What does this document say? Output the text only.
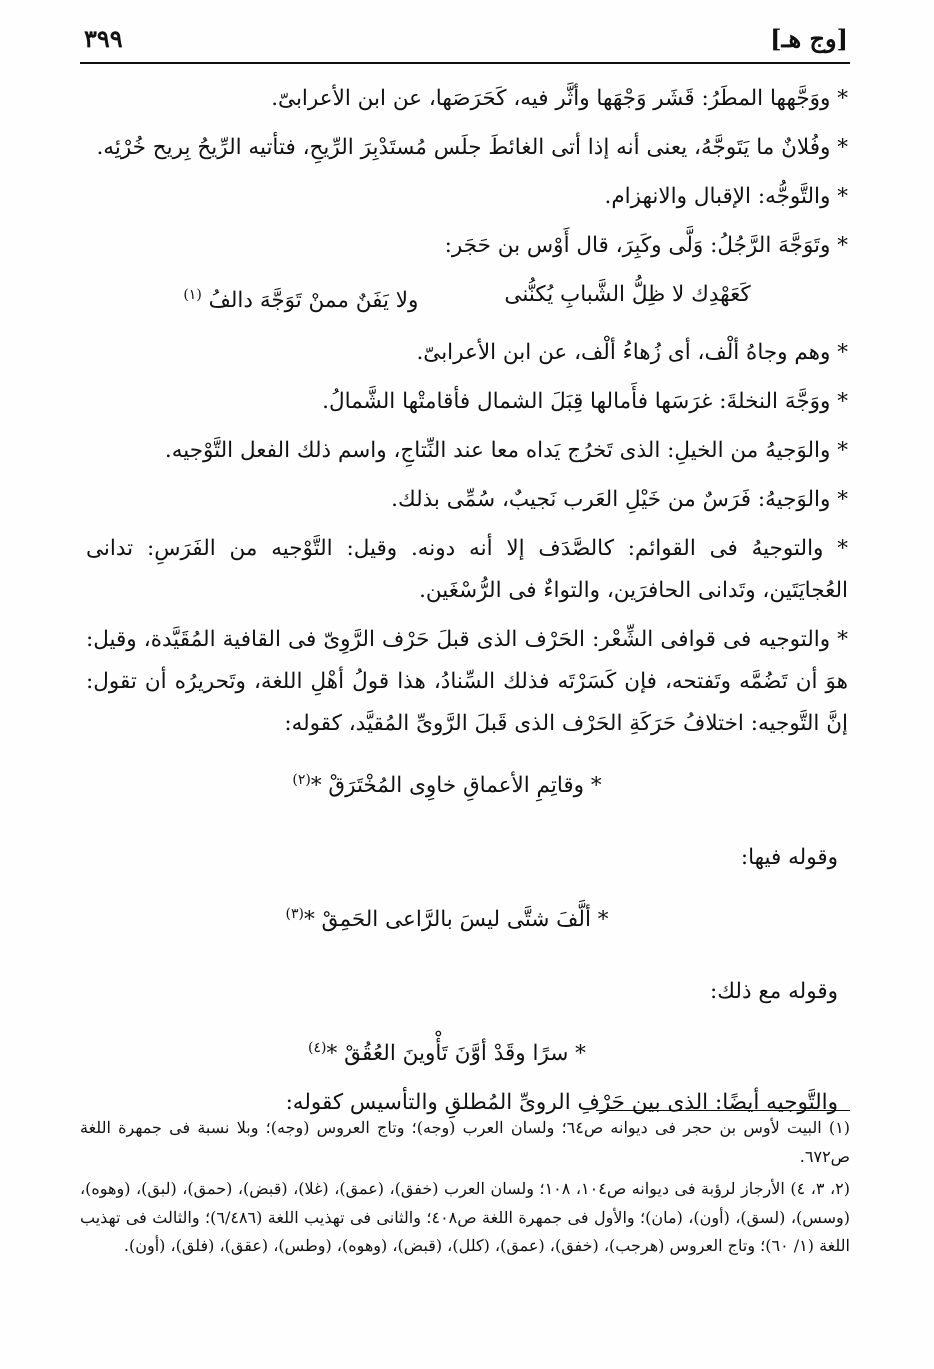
[وج هـ]
٣٩٩

* ووَجَّهها المطَرُ: قَشَر وَجْهَها وأثَّر فيه، كَحَرَصَها، عن ابن الأعرابىّ.

* وفُلانٌ ما يَتَوجَّهُ، يعنى أنه إذا أتى الغائطَ جلَس مُستَدْبِرَ الرِّيحِ، فتأتيه الرِّيحُ بِريح خُرْئِه.

* والتَّوجُّه: الإقبال والانهزام.

* وتَوَجَّهَ الرَّجُلُ: وَلَّى وكَبِرَ، قال أَوْس بن حَجَر:

كَعَهْدِك لا ظِلُّ الشَّبابِ يُكنُّنى
ولا يَفَنٌ ممنْ تَوَجَّهَ دالفُ $^{(١)}$

* وهم وجاهُ ألْف، أى زُهاءُ ألْف، عن ابن الأعرابىّ.

* ووَجَّهَ النخلةَ: غرَسَها فأَمالها قِبَلَ الشمال فأقامتْها الشَّمالُ.

* والوَجيهُ من الخيلِ: الذى تَخرُج يَداه معا عند النِّتاجِ، واسم ذلك الفعل التَّوْجيه.

* والوَجيهُ: فَرَسٌ من خَيْلِ العَرب نَجيبٌ، سُمِّى بذلك.

* والتوجيهُ فى القوائم: كالصَّدَف إلا أنه دونه. وقيل: التَّوْجيه من الفَرَسِ: تدانى العُجايَتَين، وتَدانى الحافرَين، والتواءٌ فى الرُّسْغَين.

* والتوجيه فى قوافى الشِّعْر: الحَرْف الذى قبلَ حَرْف الرَّوِىّ فى القافية المُقَيَّدة، وقيل: هوَ أن تَضُمَّه وتَفتحه، فإن كَسَرْتَه فذلك السِّنادُ، هذا قولُ أهْلِ اللغة، وتَحريرُه أن تقول: إنَّ التَّوجيه: اختلافُ حَرَكَةِ الحَرْف الذى قَبلَ الرَّوىِّ المُقيَّد، كقوله:

* وقاتِمِ الأعماقِ خاوِى المُخْتَرَقْ *$^{(٢)}$

وقوله فيها:

* ألَّفَ شتَّى ليسَ بالرَّاعى الحَمِقْ *$^{(٣)}$

وقوله مع ذلك:

* سرًا وقَدْ أوَّنَ تَأْوينَ العُقُقْ *$^{(٤)}$

والتَّوجيه أيضًا: الذى بين حَرْفِ الروىِّ المُطلقِ والتأسيس كقوله:

(١) البيت لأوس بن حجر فى ديوانه ص٦٤؛ ولسان العرب (وجه)؛ وتاج العروس (وجه)؛ وبلا نسبة فى جمهرة اللغة ص٦٧٢.

(٢، ٣، ٤) الأرجاز لرؤبة فى ديوانه ص١٠٤، ١٠٨؛ ولسان العرب (خفق)، (عمق)، (غلا)، (قبض)، (حمق)، (لبق)، (وهوه)، (وسس)، (لسق)، (أون)، (مان)؛ والأول فى جمهرة اللغة ص٤٠٨؛ والثانى فى تهذيب اللغة (٦/٤٨٦)؛ والثالث فى تهذيب اللغة (١/ ٦٠)؛ وتاج العروس (هرجب)، (خفق)، (عمق)، (كلل)، (قبض)، (وهوه)، (وطس)، (عقق)، (فلق)، (أون).
